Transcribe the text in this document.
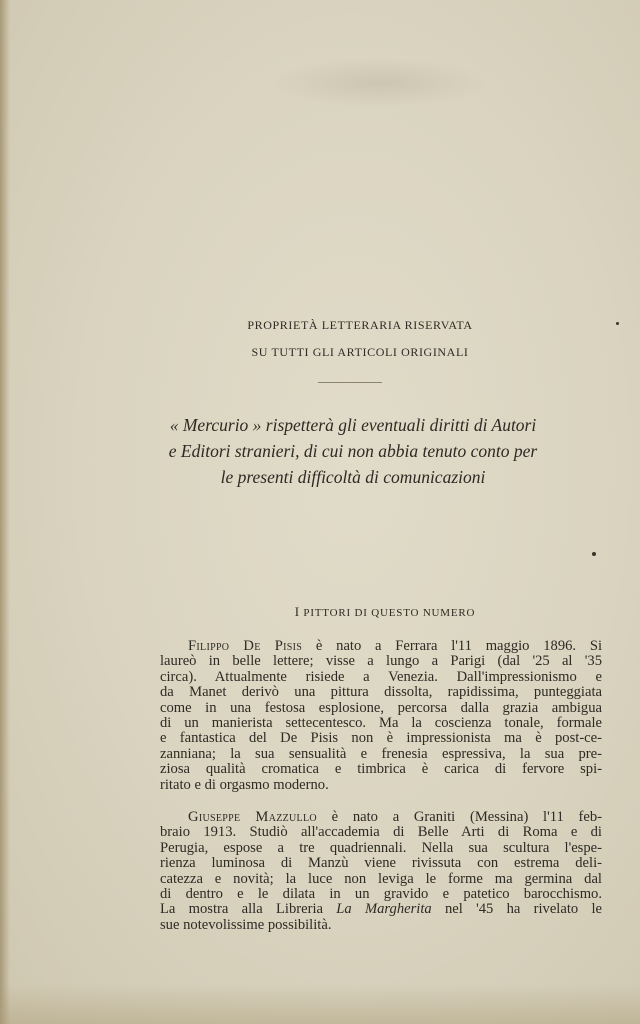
PROPRIETÀ LETTERARIA RISERVATA
SU TUTTI GLI ARTICOLI ORIGINALI

« Mercurio » rispetterà gli eventuali diritti di Autori

e Editori stranieri, di cui non abbia tenuto conto per

le presenti difficoltà di comunicazioni

I PITTORI DI QUESTO NUMERO
Filippo De Pisis è nato a Ferrara l'11 maggio 1896. Si
laureò in belle lettere; visse a lungo a Parigi (dal '25 al '35
circa). Attualmente risiede a Venezia. Dall'impressionismo e
da Manet derivò una pittura dissolta, rapidissima, punteggiata
come in una festosa esplosione, percorsa dalla grazia ambigua
di un manierista settecentesco. Ma la coscienza tonale, formale
e fantastica del De Pisis non è impressionista ma è post-ce-
zanniana; la sua sensualità e frenesia espressiva, la sua pre-
ziosa qualità cromatica e timbrica è carica di fervore spi-
ritato e di orgasmo moderno.
Giuseppe Mazzullo è nato a Graniti (Messina) l'11 feb-
braio 1913. Studiò all'accademia di Belle Arti di Roma e di
Perugia, espose a tre quadriennali. Nella sua scultura l'espe-
rienza luminosa di Manzù viene rivissuta con estrema deli-
catezza e novità; la luce non leviga le forme ma germina dal
di dentro e le dilata in un gravido e patetico barocchismo.
La mostra alla Libreria La Margherita nel '45 ha rivelato le
sue notevolissime possibilità.
